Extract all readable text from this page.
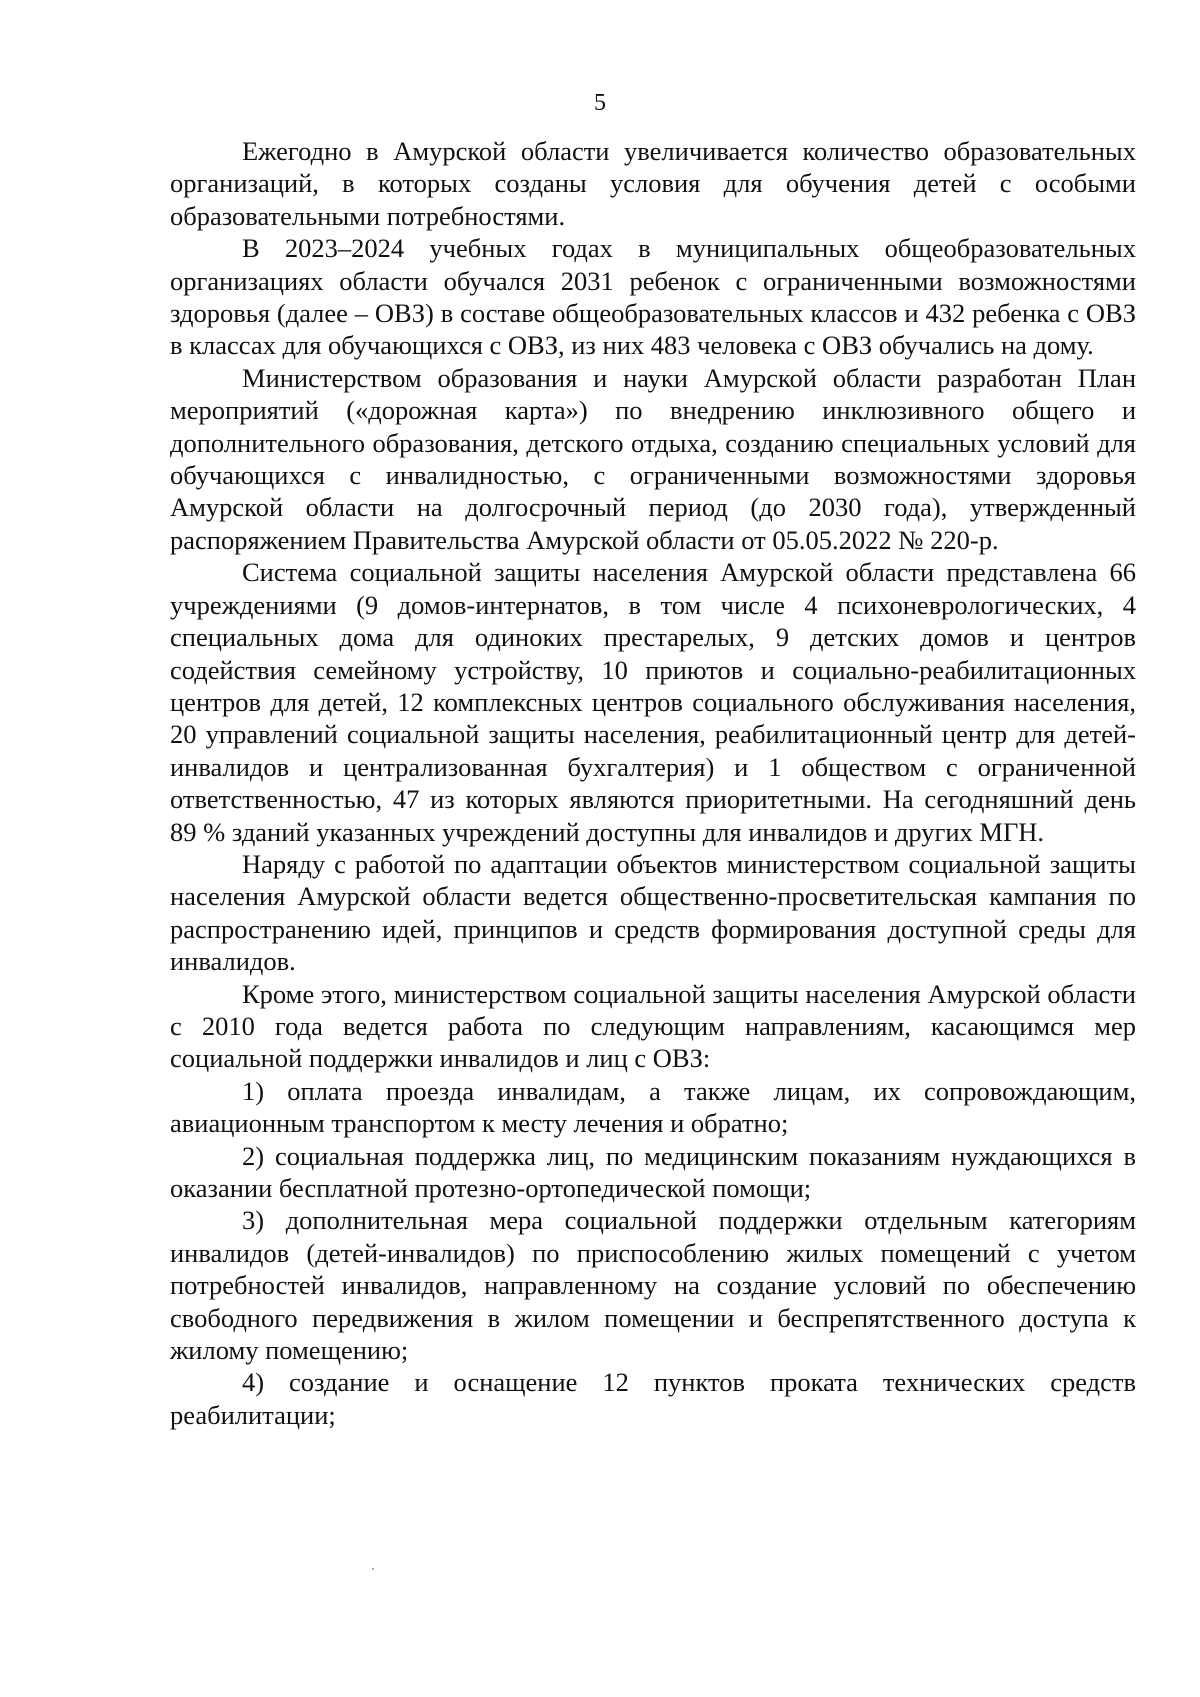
5

Ежегодно в Амурской области увеличивается количество образовательных организаций, в которых созданы условия для обучения детей с особыми образовательными потребностями.

В 2023–2024 учебных годах в муниципальных общеобразовательных организациях области обучался 2031 ребенок с ограниченными возможностями здоровья (далее – ОВЗ) в составе общеобразовательных классов и 432 ребенка с ОВЗ в классах для обучающихся с ОВЗ, из них 483 человека с ОВЗ обучались на дому.

Министерством образования и науки Амурской области разработан План мероприятий («дорожная карта») по внедрению инклюзивного общего и дополнительного образования, детского отдыха, созданию специальных условий для обучающихся с инвалидностью, с ограниченными возможностями здоровья Амурской области на долгосрочный период (до 2030 года), утвержденный распоряжением Правительства Амурской области от 05.05.2022 № 220-р.

Система социальной защиты населения Амурской области представлена 66 учреждениями (9 домов-интернатов, в том числе 4 психоневрологических, 4 специальных дома для одиноких престарелых, 9 детских домов и центров содействия семейному устройству, 10 приютов и социально-реабилитационных центров для детей, 12 комплексных центров социального обслуживания населения, 20 управлений социальной защиты населения, реабилитационный центр для детей-инвалидов и централизованная бухгалтерия) и 1 обществом с ограниченной ответственностью, 47 из которых являются приоритетными. На сегодняшний день 89 % зданий указанных учреждений доступны для инвалидов и других МГН.

Наряду с работой по адаптации объектов министерством социальной защиты населения Амурской области ведется общественно-просветительская кампания по распространению идей, принципов и средств формирования доступной среды для инвалидов.

Кроме этого, министерством социальной защиты населения Амурской области с 2010 года ведется работа по следующим направлениям, касающимся мер социальной поддержки инвалидов и лиц с ОВЗ:

1) оплата проезда инвалидам, а также лицам, их сопровождающим, авиационным транспортом к месту лечения и обратно;

2) социальная поддержка лиц, по медицинским показаниям нуждающихся в оказании бесплатной протезно-ортопедической помощи;

3) дополнительная мера социальной поддержки отдельным категориям инвалидов (детей-инвалидов) по приспособлению жилых помещений с учетом потребностей инвалидов, направленному на создание условий по обеспечению свободного передвижения в жилом помещении и беспрепятственного доступа к жилому помещению;

4) создание и оснащение 12 пунктов проката технических средств реабилитации;
